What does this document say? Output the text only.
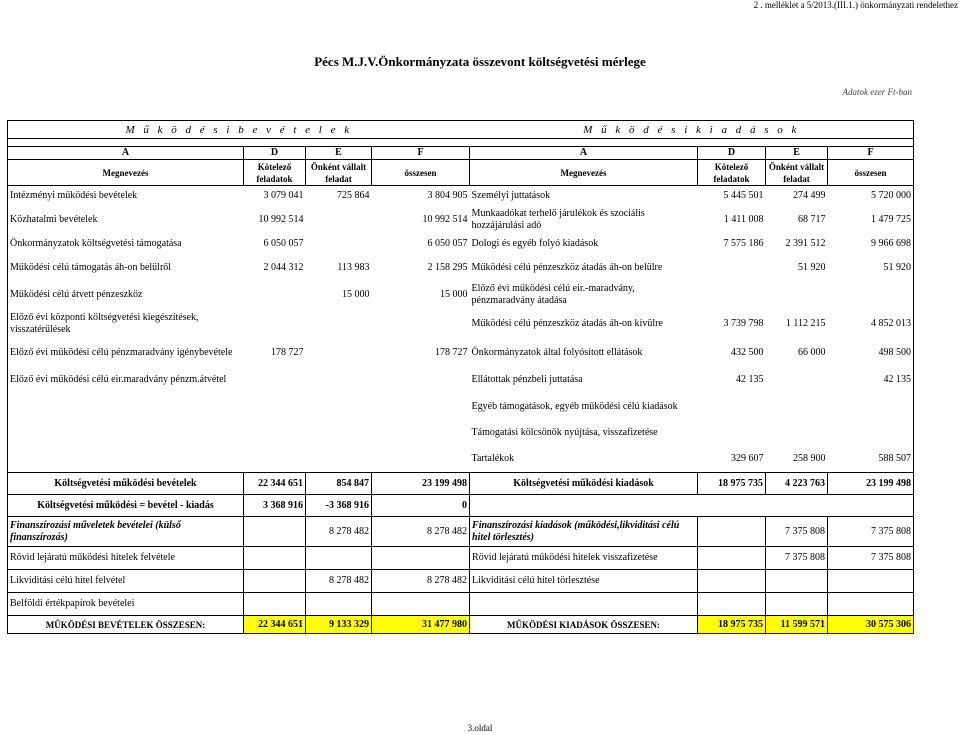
2 . melléklet a 5/2013.(III.1.) önkormányzati rendelethez
Pécs M.J.V.Önkormányzata összevont költségvetési mérlege
Adatok ezer Ft-ban
M ű k ö d é s i b e v é t e l e k				M ű k ö d é s i k i a d á s o k			

A	D	E	F	A	D	E	F
Megnevezés	Kötelező feladatok	Önként vállalt feladat	összesen	Megnevezés	Kötelező feladatok	Önként vállalt feladat	összesen
Intézményi működési bevételek	3 079 041	725 864	3 804 905	Személyi juttatások	5 445 501	274 499	5 720 000
Közhatalmi bevételek	10 992 514		10 992 514	Munkaadókat terhelő járulékok és szociális hozzájárulási adó	1 411 008	68 717	1 479 725
Önkormányzatok költségvetési támogatása	6 050 057		6 050 057	Dologi és egyéb folyó kiadások	7 575 186	2 391 512	9 966 698
Működési célú támogatás áh-on belülről	2 044 312	113 983	2 158 295	Működési célú pénzeszköz átadás áh-on belülre		51 920	51 920
Működési célú átvett pénzeszköz		15 000	15 000	Előző évi működési célú eir.-maradvány, pénzmaradvány átadása			
Előző évi központi költségvetési kiegészítések, visszatérülések				Működési célú pénzeszköz átadás áh-on kívülre	3 739 798	1 112 215	4 852 013
Előző évi működési célú pénzmaradvány igénybevétele	178 727		178 727	Önkormányzatok által folyósított ellátások	432 500	66 000	498 500
Előző évi működési célú eir.maradvány pénzm.átvétel				Ellátottak pénzbeli juttatása	42 135		42 135
				Egyéb támogatások, egyéb működési célú kiadások			
				Támogatási kölcsönök nyújtása, visszafizetése			
				Tartalékok	329 607	258 900	588 507
Költségvetési működési bevételek	22 344 651	854 847	23 199 498	Költségvetési működési kiadások	18 975 735	4 223 763	23 199 498
Költségvetési működési = bevétel - kiadás	3 368 916	-3 368 916	0				
Finanszírozási műveletek bevételei (külső finanszírozás)		8 278 482	8 278 482	Finanszírozási kiadások (működési,likviditási célú hitel törlesztés)		7 375 808	7 375 808
Rövid lejáratú működési hitelek felvétele				Rövid lejáratú működési hitelek visszafizetése		7 375 808	7 375 808
Likviditási célú hitel felvétel		8 278 482	8 278 482	Likviditási célú hitel törlesztése			
Belföldi értékpapírok bevételei							
MŰKÖDÉSI BEVÉTELEK ÖSSZESEN:	22 344 651	9 133 329	31 477 980	MŰKÖDÉSI KIADÁSOK ÖSSZESEN:	18 975 735	11 599 571	30 575 306
3.oldal
